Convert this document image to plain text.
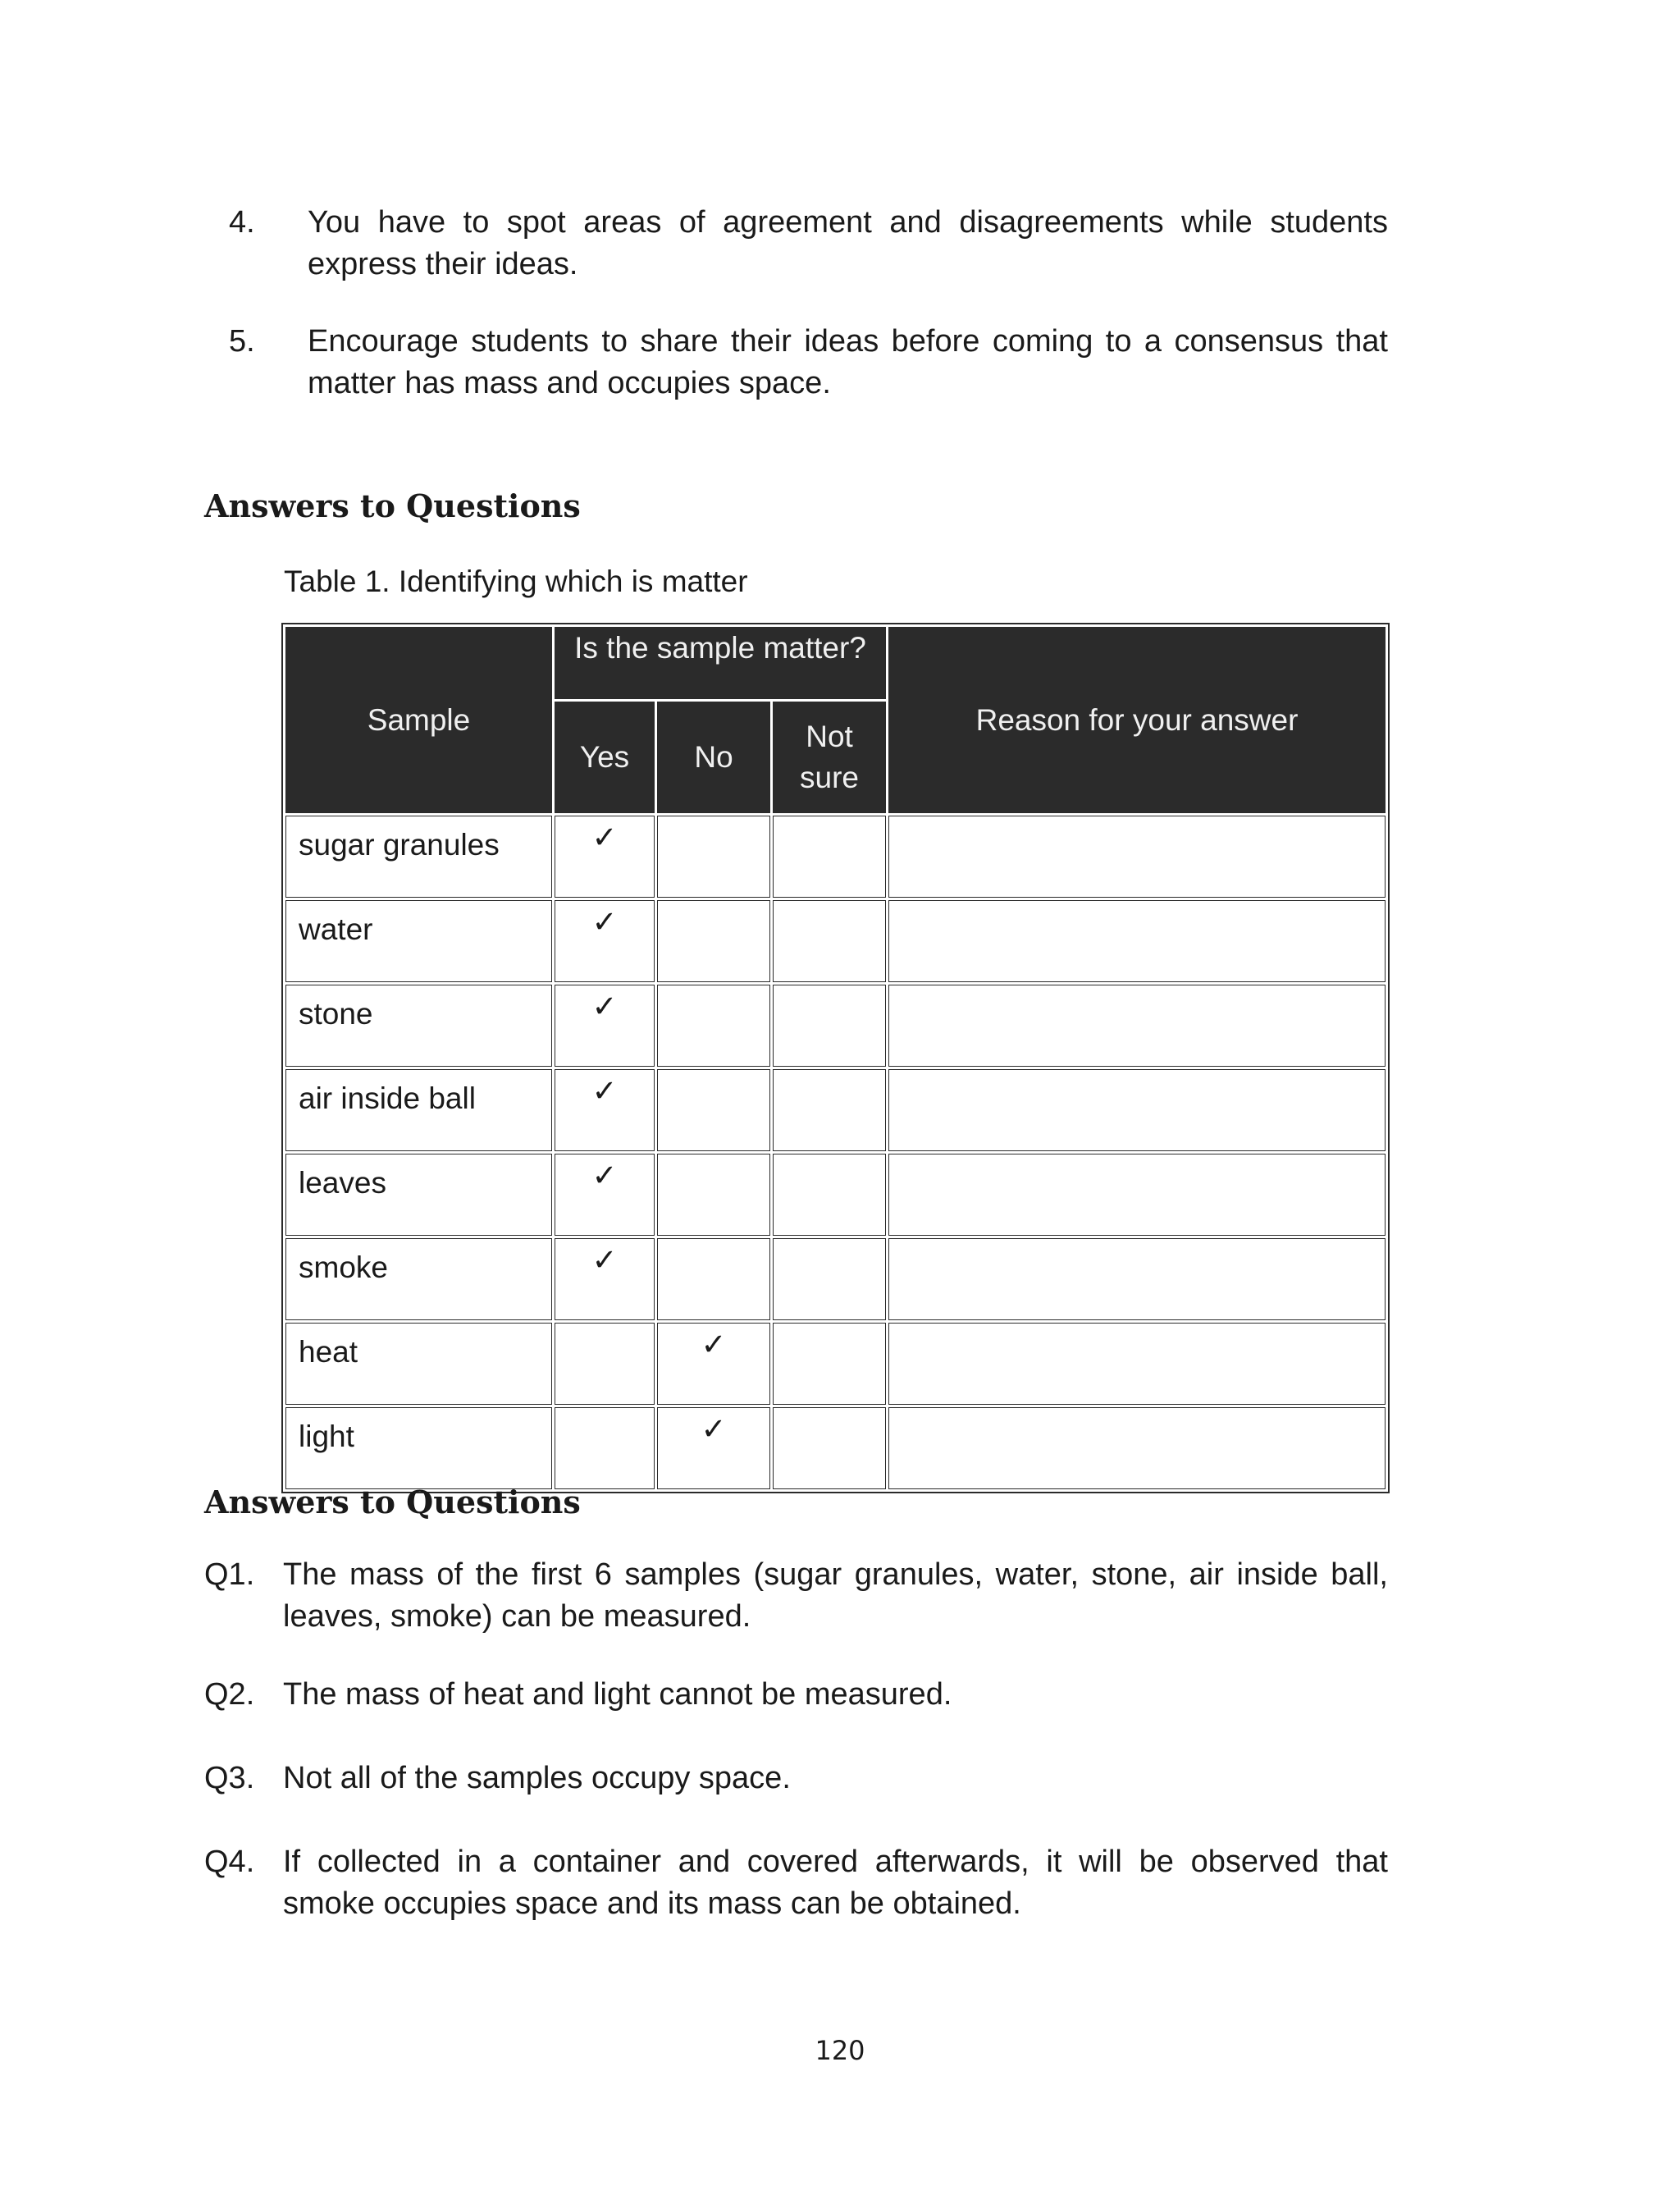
4. You have to spot areas of agreement and disagreements while students express their ideas.
5. Encourage students to share their ideas before coming to a consensus that matter has mass and occupies space.
Answers to Questions
Table 1. Identifying which is matter
Sample	Is the sample matter?			Reason for your answer
	Yes	No	Not sure	
sugar granules	✓			
water	✓			
stone	✓			
air inside ball	✓			
leaves	✓			
smoke	✓			
heat		✓		
light		✓		
Answers to Questions
Q1. The mass of the first 6 samples (sugar granules, water, stone, air inside ball, leaves, smoke) can be measured.
Q2. The mass of heat and light cannot be measured.
Q3. Not all of the samples occupy space.
Q4. If collected in a container and covered afterwards, it will be observed that smoke occupies space and its mass can be obtained.
120
